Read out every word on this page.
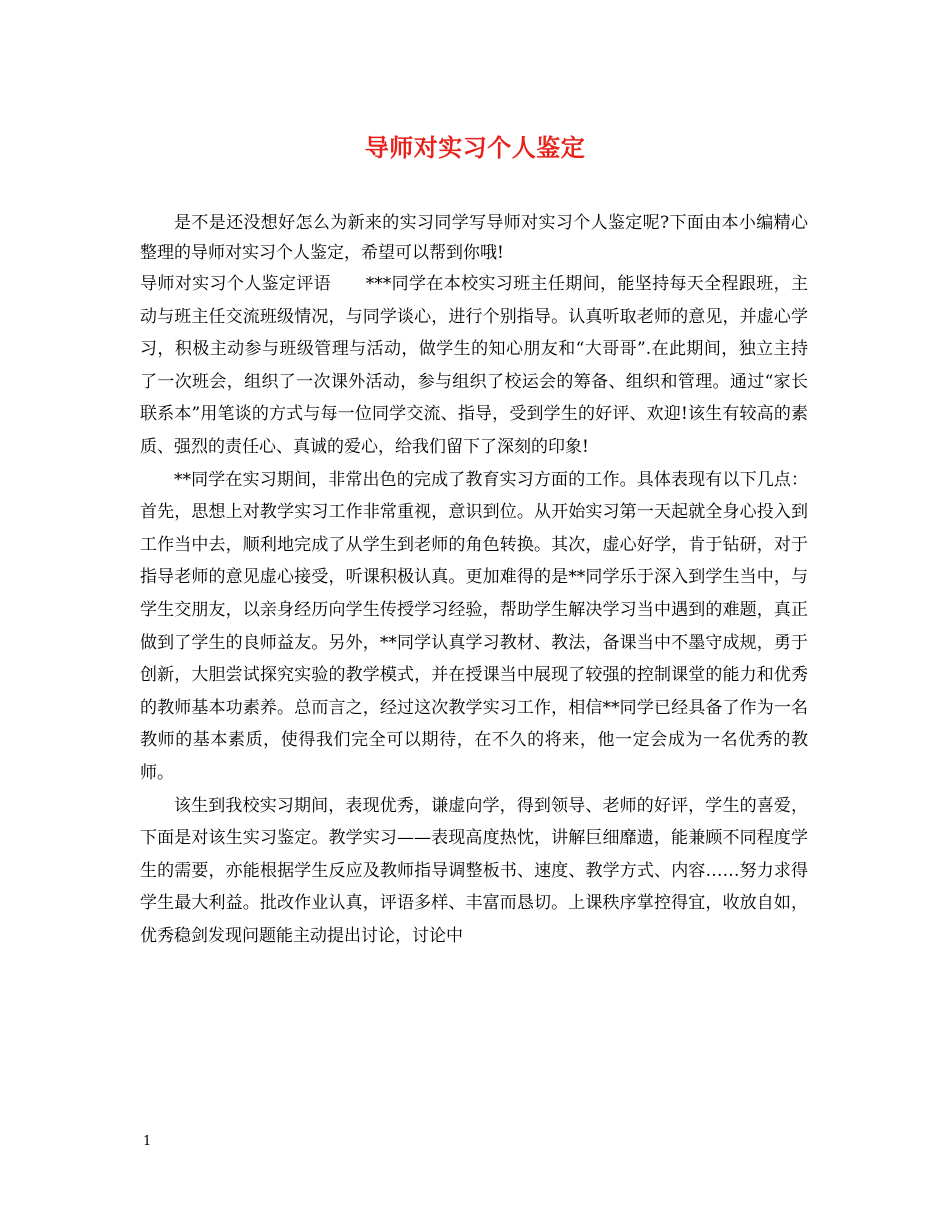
导师对实习个人鉴定

是不是还没想好怎么为新来的实习同学写导师对实习个人鉴定呢?下面由本小编精心整理的导师对实习个人鉴定，希望可以帮到你哦!

导师对实习个人鉴定评语　　***同学在本校实习班主任期间，能坚持每天全程跟班，主动与班主任交流班级情况，与同学谈心，进行个别指导。认真听取老师的意见，并虚心学习，积极主动参与班级管理与活动，做学生的知心朋友和“大哥哥”.在此期间，独立主持了一次班会，组织了一次课外活动，参与组织了校运会的筹备、组织和管理。通过“家长联系本”用笔谈的方式与每一位同学交流、指导，受到学生的好评、欢迎!该生有较高的素质、强烈的责任心、真诚的爱心，给我们留下了深刻的印象!

**同学在实习期间，非常出色的完成了教育实习方面的工作。具体表现有以下几点：首先，思想上对教学实习工作非常重视，意识到位。从开始实习第一天起就全身心投入到工作当中去，顺利地完成了从学生到老师的角色转换。其次，虚心好学，肯于钻研，对于指导老师的意见虚心接受，听课积极认真。更加难得的是**同学乐于深入到学生当中，与学生交朋友，以亲身经历向学生传授学习经验，帮助学生解决学习当中遇到的难题，真正做到了学生的良师益友。另外，**同学认真学习教材、教法，备课当中不墨守成规，勇于创新，大胆尝试探究实验的教学模式，并在授课当中展现了较强的控制课堂的能力和优秀的教师基本功素养。总而言之，经过这次教学实习工作，相信**同学已经具备了作为一名教师的基本素质，使得我们完全可以期待，在不久的将来，他一定会成为一名优秀的教师。

该生到我校实习期间，表现优秀，谦虚向学，得到领导、老师的好评，学生的喜爱，下面是对该生实习鉴定。教学实习——表现高度热忱，讲解巨细靡遗，能兼顾不同程度学生的需要，亦能根据学生反应及教师指导调整板书、速度、教学方式、内容……努力求得学生最大利益。批改作业认真，评语多样、丰富而恳切。上课秩序掌控得宜，收放自如，优秀稳剑发现问题能主动提出讨论，讨论中

1
